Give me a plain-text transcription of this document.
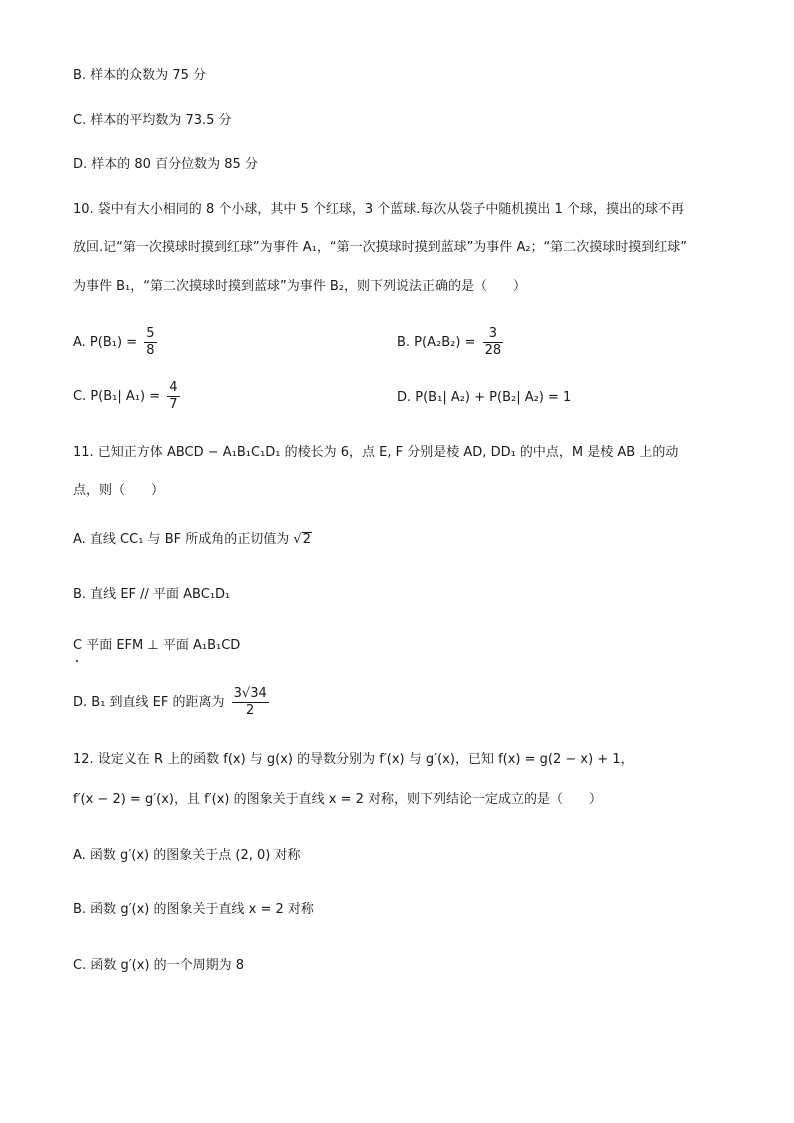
B. 样本的众数为 75 分
C. 样本的平均数为 73.5 分
D. 样本的 80 百分位数为 85 分
10. 袋中有大小相同的 8 个小球，其中 5 个红球，3 个蓝球.每次从袋子中随机摸出 1 个球，摸出的球不再
放回.记“第一次摸球时摸到红球”为事件 A₁，“第一次摸球时摸到蓝球”为事件 A₂；“第二次摸球时摸到红球”
为事件 B₁，“第二次摸球时摸到蓝球”为事件 B₂，则下列说法正确的是（　　）
A. $P(B_1) = \frac{5}{8}$	B. $P(A_2B_2) = \frac{3}{28}$
C. P(B₁| $A_1) = \frac{4}{7}$	D. P(B₁| A₂) + P(B₂| A₂) = 1
11. 已知正方体 ABCD − A₁B₁C₁D₁ 的棱长为 6，点 E, F 分别是棱 AD, DD₁ 的中点，M 是棱 AB 上的动
点，则（　　）
A. 直线 CC₁ 与 BF 所成角的正切值为 √2
B. 直线 EF // 平面 ABC₁D₁
C 平面 EFM ⊥ 平面 A₁B₁CD
D. B₁ 到直线 EF 的距离为 $\frac{3√34}{2}$
12. 设定义在 R 上的函数 f(x) 与 g(x) 的导数分别为 f′(x) 与 g′(x)，已知 f(x) = g(2 − x) + 1，
f′(x − 2) = g′(x)，且 f′(x) 的图象关于直线 x = 2 对称，则下列结论一定成立的是（　　）
A. 函数 g′(x) 的图象关于点 (2, 0) 对称
B. 函数 g′(x) 的图象关于直线 x = 2 对称
C. 函数 g′(x) 的一个周期为 8
